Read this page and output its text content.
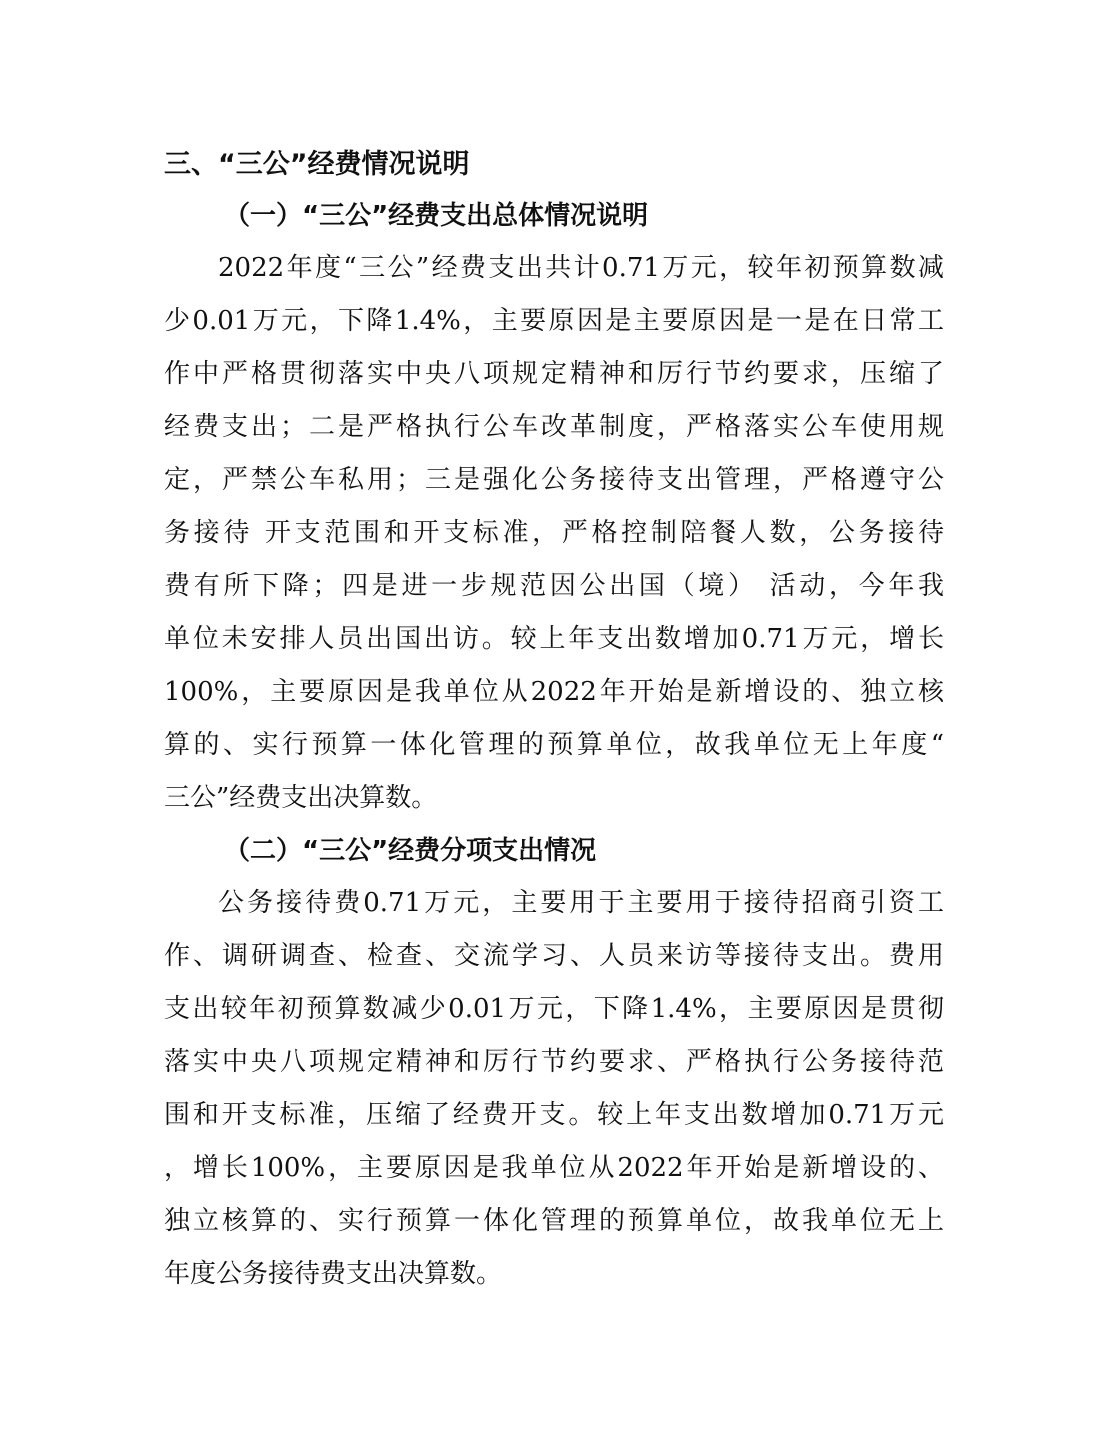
三、“三公”经费情况说明
（一）“三公”经费支出总体情况说明
2022年度“三公”经费支出共计0.71万元，较年初预算数减
少0.01万元，下降1.4%，主要原因是主要原因是一是在日常工
作中严格贯彻落实中央八项规定精神和厉行节约要求，压缩了
经费支出；二是严格执行公车改革制度，严格落实公车使用规
定，严禁公车私用；三是强化公务接待支出管理，严格遵守公
务接待 开支范围和开支标准，严格控制陪餐人数，公务接待
费有所下降；四是进一步规范因公出国（境） 活动，今年我
单位未安排人员出国出访。较上年支出数增加0.71万元，增长
100%，主要原因是我单位从2022年开始是新增设的、独立核
算的、实行预算一体化管理的预算单位，故我单位无上年度“
三公”经费支出决算数。
（二）“三公”经费分项支出情况
公务接待费0.71万元，主要用于主要用于接待招商引资工
作、调研调查、检查、交流学习、人员来访等接待支出。费用
支出较年初预算数减少0.01万元，下降1.4%，主要原因是贯彻
落实中央八项规定精神和厉行节约要求、严格执行公务接待范
围和开支标准，压缩了经费开支。较上年支出数增加0.71万元
，增长100%，主要原因是我单位从2022年开始是新增设的、
独立核算的、实行预算一体化管理的预算单位，故我单位无上
年度公务接待费支出决算数。
